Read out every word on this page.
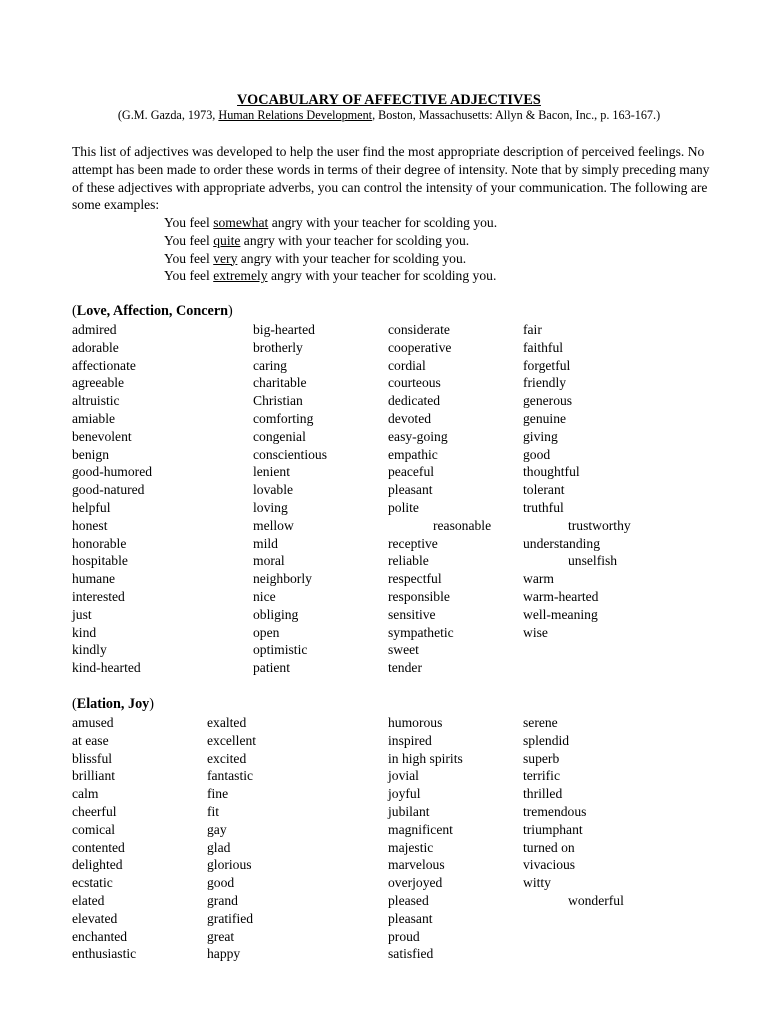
VOCABULARY OF AFFECTIVE ADJECTIVES
(G.M. Gazda, 1973, Human Relations Development, Boston, Massachusetts: Allyn & Bacon, Inc., p. 163-167.)

This list of adjectives was developed to help the user find the most appropriate description of perceived feelings. No attempt has been made to order these words in terms of their degree of intensity. Note that by simply preceding many of these adjectives with appropriate adverbs, you can control the intensity of your communication. The following are some examples:

You feel somewhat angry with your teacher for scolding you.
You feel quite angry with your teacher for scolding you.
You feel very angry with your teacher for scolding you.
You feel extremely angry with your teacher for scolding you.
(Love, Affection, Concern)
(Elation, Joy)
admired
adorable
affectionate
agreeable
altruistic
amiable
benevolent
benign
good-humored
good-natured
helpful
honest
honorable
hospitable
humane
interested
just
kind
kindly
kind-hearted
big-hearted
brotherly
caring
charitable
Christian
comforting
congenial
conscientious
lenient
lovable
loving
mellow
mild
moral
neighborly
nice
obliging
open
optimistic
patient
considerate
cooperative
cordial
courteous
dedicated
devoted
easy-going
empathic
peaceful
pleasant
polite
reasonable
receptive
reliable
respectful
responsible
sensitive
sympathetic
sweet
tender
fair
faithful
forgetful
friendly
generous
genuine
giving
good
thoughtful
tolerant
truthful
trustworthy
understanding
unselfish
warm
warm-hearted
well-meaning
wise
amused
at ease
blissful
brilliant
calm
cheerful
comical
contented
delighted
ecstatic
elated
elevated
enchanted
enthusiastic
exalted
excellent
excited
fantastic
fine
fit
gay
glad
glorious
good
grand
gratified
great
happy
humorous
inspired
in high spirits
jovial
joyful
jubilant
magnificent
majestic
marvelous
overjoyed
pleased
pleasant
proud
satisfied
serene
splendid
superb
terrific
thrilled
tremendous
triumphant
turned on
vivacious
witty
wonderful
